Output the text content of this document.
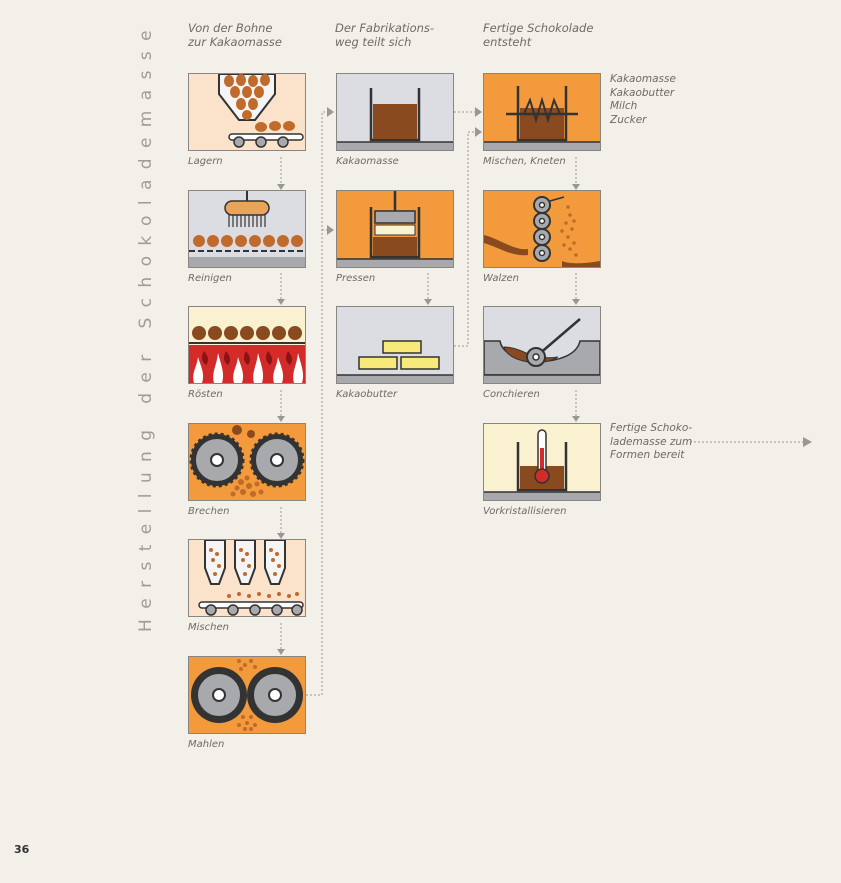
Herstellung der Schokolademasse	Von der Bohne
zur Kakaomasse
Der Fabrikations-
weg teilt sich
Fertige Schokolade
entsteht
Lagern
Reinigen
Rösten
Brechen
Mischen
Mahlen
Kakaomasse
Pressen
Kakaobutter
Mischen, Kneten
Walzen
Conchieren
Vorkristallisieren
Kakaomasse
Kakaobutter
Milch
Zucker
Fertige Schoko-
lademasse zum
Formen bereit
36
